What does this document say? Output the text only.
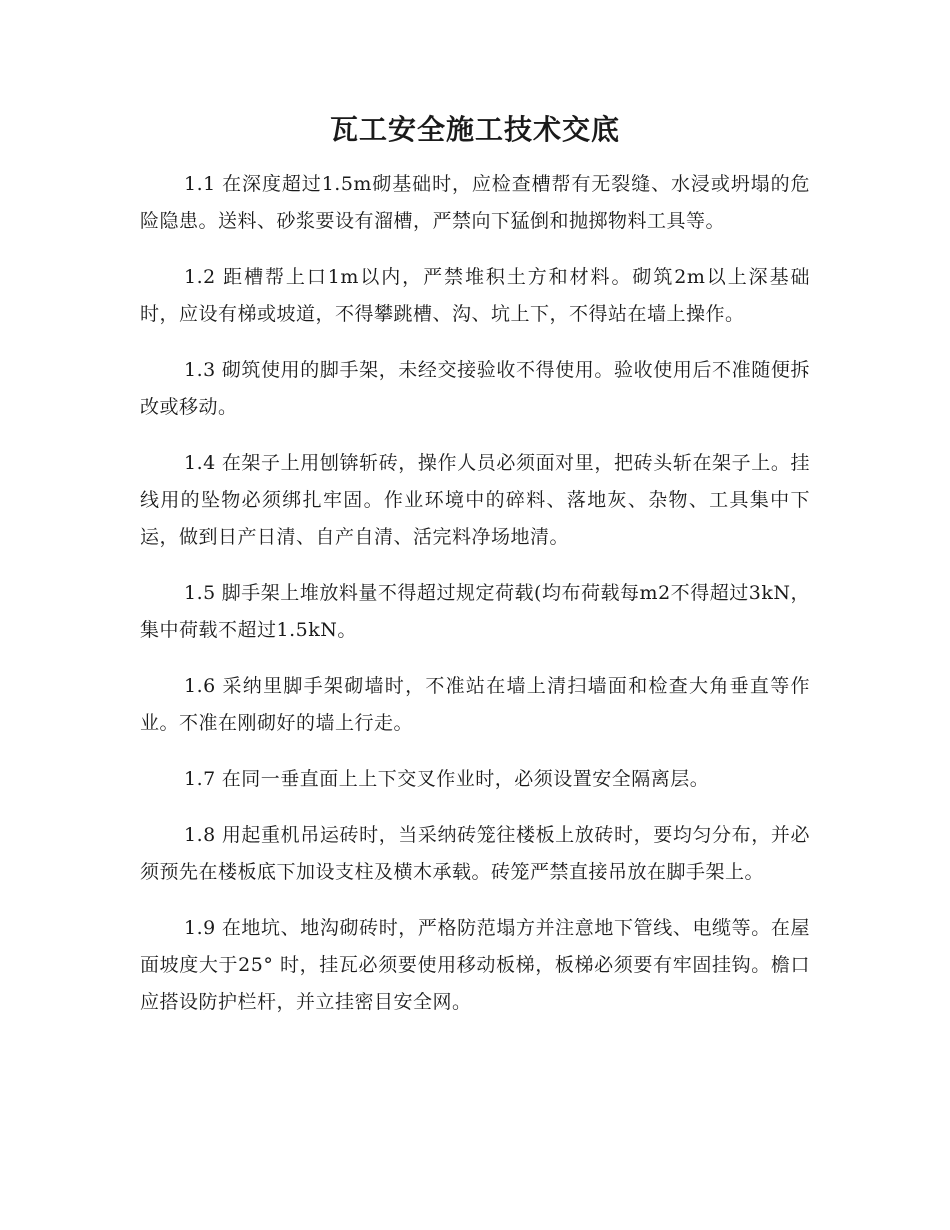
瓦工安全施工技术交底

1.1 在深度超过1.5m砌基础时，应检查槽帮有无裂缝、水浸或坍塌的危险隐患。送料、砂浆要设有溜槽，严禁向下猛倒和抛掷物料工具等。

1.2 距槽帮上口1m以内，严禁堆积土方和材料。砌筑2m以上深基础时，应设有梯或坡道，不得攀跳槽、沟、坑上下，不得站在墙上操作。

1.3 砌筑使用的脚手架，未经交接验收不得使用。验收使用后不准随便拆改或移动。

1.4 在架子上用刨锛斩砖，操作人员必须面对里，把砖头斩在架子上。挂线用的坠物必须绑扎牢固。作业环境中的碎料、落地灰、杂物、工具集中下运，做到日产日清、自产自清、活完料净场地清。

1.5 脚手架上堆放料量不得超过规定荷载(均布荷载每m2不得超过3kN，集中荷载不超过1.5kN。

1.6 采纳里脚手架砌墙时，不准站在墙上清扫墙面和检查大角垂直等作业。不准在刚砌好的墙上行走。

1.7 在同一垂直面上上下交叉作业时，必须设置安全隔离层。

1.8 用起重机吊运砖时，当采纳砖笼往楼板上放砖时，要均匀分布，并必须预先在楼板底下加设支柱及横木承载。砖笼严禁直接吊放在脚手架上。

1.9 在地坑、地沟砌砖时，严格防范塌方并注意地下管线、电缆等。在屋面坡度大于25° 时，挂瓦必须要使用移动板梯，板梯必须要有牢固挂钩。檐口应搭设防护栏杆，并立挂密目安全网。
